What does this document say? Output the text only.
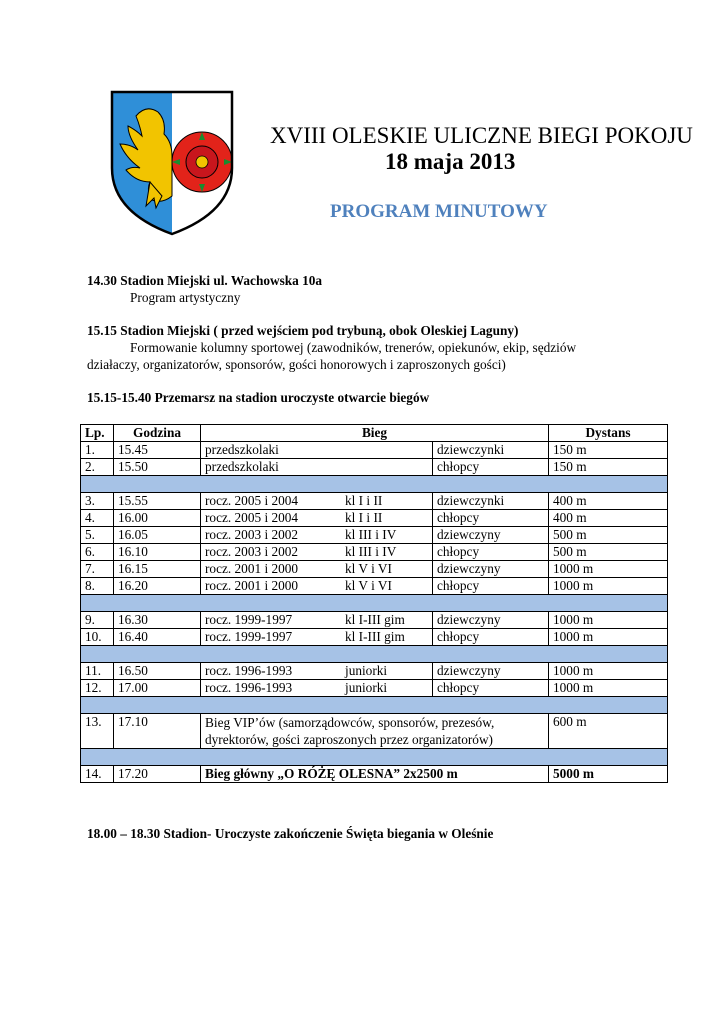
XVIII OLESKIE ULICZNE BIEGI POKOJU
18 maja 2013
PROGRAM MINUTOWY
14.30 Stadion Miejski ul. Wachowska 10a
Program artystyczny
15.15 Stadion Miejski ( przed wejściem pod trybuną, obok Oleskiej Laguny)
Formowanie kolumny sportowej (zawodników, trenerów, opiekunów, ekip, sędziów
działaczy, organizatorów, sponsorów, gości honorowych i zaproszonych gości)
15.15-15.40 Przemarsz na stadion uroczyste otwarcie biegów
Lp.	Godzina	Bieg		Dystans
1.	15.45	przedszkolaki	dziewczynki	150 m
2.	15.50	przedszkolaki	chłopcy	150 m

3.	15.55	rocz. 2005 i 2004 kl I i II	dziewczynki	400 m
4.	16.00	rocz. 2005 i 2004 kl I i II	chłopcy	400 m
5.	16.05	rocz. 2003 i 2002 kl III i IV	dziewczyny	500 m
6.	16.10	rocz. 2003 i 2002 kl III i IV	chłopcy	500 m
7.	16.15	rocz. 2001 i 2000 kl V i VI	dziewczyny	1000 m
8.	16.20	rocz. 2001 i 2000 kl V i VI	chłopcy	1000 m

9.	16.30	rocz. 1999-1997 kl I-III gim	dziewczyny	1000 m
10.	16.40	rocz. 1999-1997 kl I-III gim	chłopcy	1000 m

11.	16.50	rocz. 1996-1993 juniorki	dziewczyny	1000 m
12.	17.00	rocz. 1996-1993 juniorki	chłopcy	1000 m

13.	17.10	Bieg VIP’ów (samorządowców, sponsorów, prezesów, dyrektorów, gości zaproszonych przez organizatorów)		600 m

14.	17.20	Bieg główny „O RÓŻĘ OLESNA” 2x2500 m		5000 m
18.00 – 18.30 Stadion- Uroczyste zakończenie Święta biegania w Oleśnie
